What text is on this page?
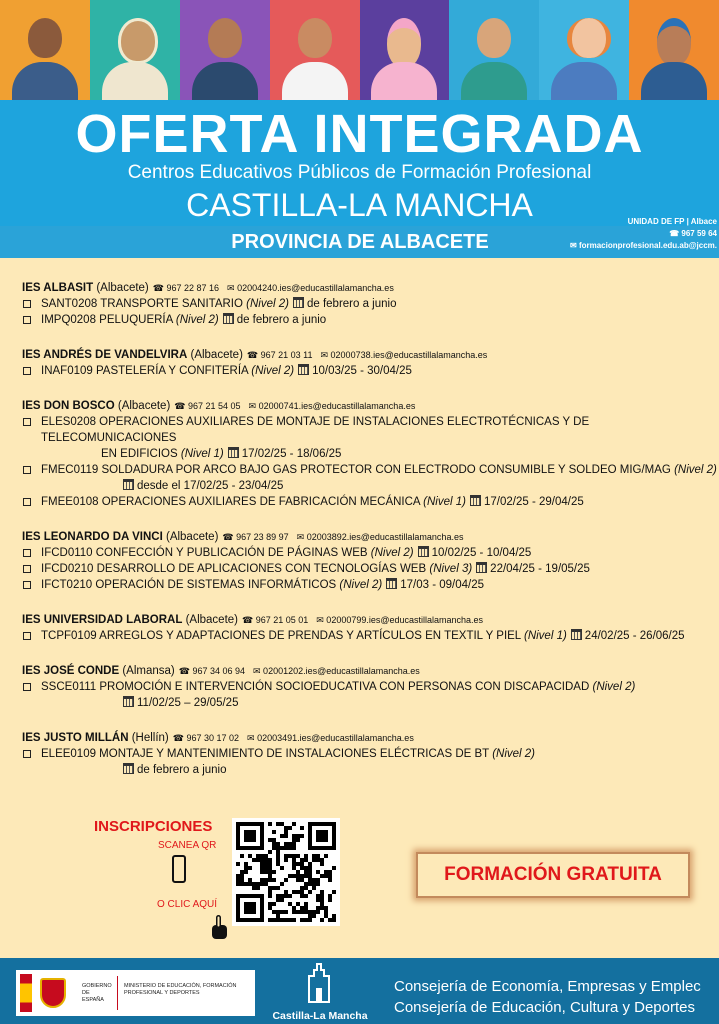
OFERTA INTEGRADA

Centros Educativos Públicos de Formación Profesional

CASTILLA-LA MANCHA

PROVINCIA DE ALBACETE

UNIDAD DE FP | Albace
☎ 967 59 64
✉ formacionprofesional.edu.ab@jccm.
IES ALBASIT (Albacete) ☎ 967 22 87 16 ✉ 02004240.ies@educastillalamancha.es
SANT0208 TRANSPORTE SANITARIO (Nivel 2) de febrero a junio
IMPQ0208 PELUQUERÍA (Nivel 2) de febrero a junio
IES ANDRÉS DE VANDELVIRA (Albacete) ☎ 967 21 03 11 ✉ 02000738.ies@educastillalamancha.es
INAF0109 PASTELERÍA Y CONFITERÍA (Nivel 2) 10/03/25 - 30/04/25
IES DON BOSCO (Albacete) ☎ 967 21 54 05 ✉ 02000741.ies@educastillalamancha.es
ELES0208 OPERACIONES AUXILIARES DE MONTAJE DE INSTALACIONES ELECTROTÉCNICAS Y DE TELECOMUNICACIONES
EN EDIFICIOS (Nivel 1) 17/02/25 - 18/06/25
FMEC0119 SOLDADURA POR ARCO BAJO GAS PROTECTOR CON ELECTRODO CONSUMIBLE Y SOLDEO MIG/MAG (Nivel 2)
desde el 17/02/25 - 23/04/25
FMEE0108 OPERACIONES AUXILIARES DE FABRICACIÓN MECÁNICA (Nivel 1) 17/02/25 - 29/04/25
IES LEONARDO DA VINCI (Albacete) ☎ 967 23 89 97 ✉ 02003892.ies@educastillalamancha.es
IFCD0110 CONFECCIÓN Y PUBLICACIÓN DE PÁGINAS WEB (Nivel 2) 10/02/25 - 10/04/25
IFCD0210 DESARROLLO DE APLICACIONES CON TECNOLOGÍAS WEB (Nivel 3) 22/04/25 - 19/05/25
IFCT0210 OPERACIÓN DE SISTEMAS INFORMÁTICOS (Nivel 2) 17/03 - 09/04/25
IES UNIVERSIDAD LABORAL (Albacete) ☎ 967 21 05 01 ✉ 02000799.ies@educastillalamancha.es
TCPF0109 ARREGLOS Y ADAPTACIONES DE PRENDAS Y ARTÍCULOS EN TEXTIL Y PIEL (Nivel 1) 24/02/25 - 26/06/25
IES JOSÉ CONDE (Almansa) ☎ 967 34 06 94 ✉ 02001202.ies@educastillalamancha.es
SSCE0111 PROMOCIÓN E INTERVENCIÓN SOCIOEDUCATIVA CON PERSONAS CON DISCAPACIDAD (Nivel 2)
11/02/25 – 29/05/25
IES JUSTO MILLÁN (Hellín) ☎ 967 30 17 02 ✉ 02003491.ies@educastillalamancha.es
ELEE0109 MONTAJE Y MANTENIMIENTO DE INSTALACIONES ELÉCTRICAS DE BT (Nivel 2)
de febrero a junio
INSCRIPCIONES
SCANEA QR
O CLIC AQUÍ
FORMACIÓN GRATUITA
GOBIERNO DE ESPAÑA
MINISTERIO DE EDUCACIÓN, FORMACIÓN PROFESIONAL Y DEPORTES
Castilla-La Mancha
Consejería de Economía, Empresas y Emplec
Consejería de Educación, Cultura y Deportes
